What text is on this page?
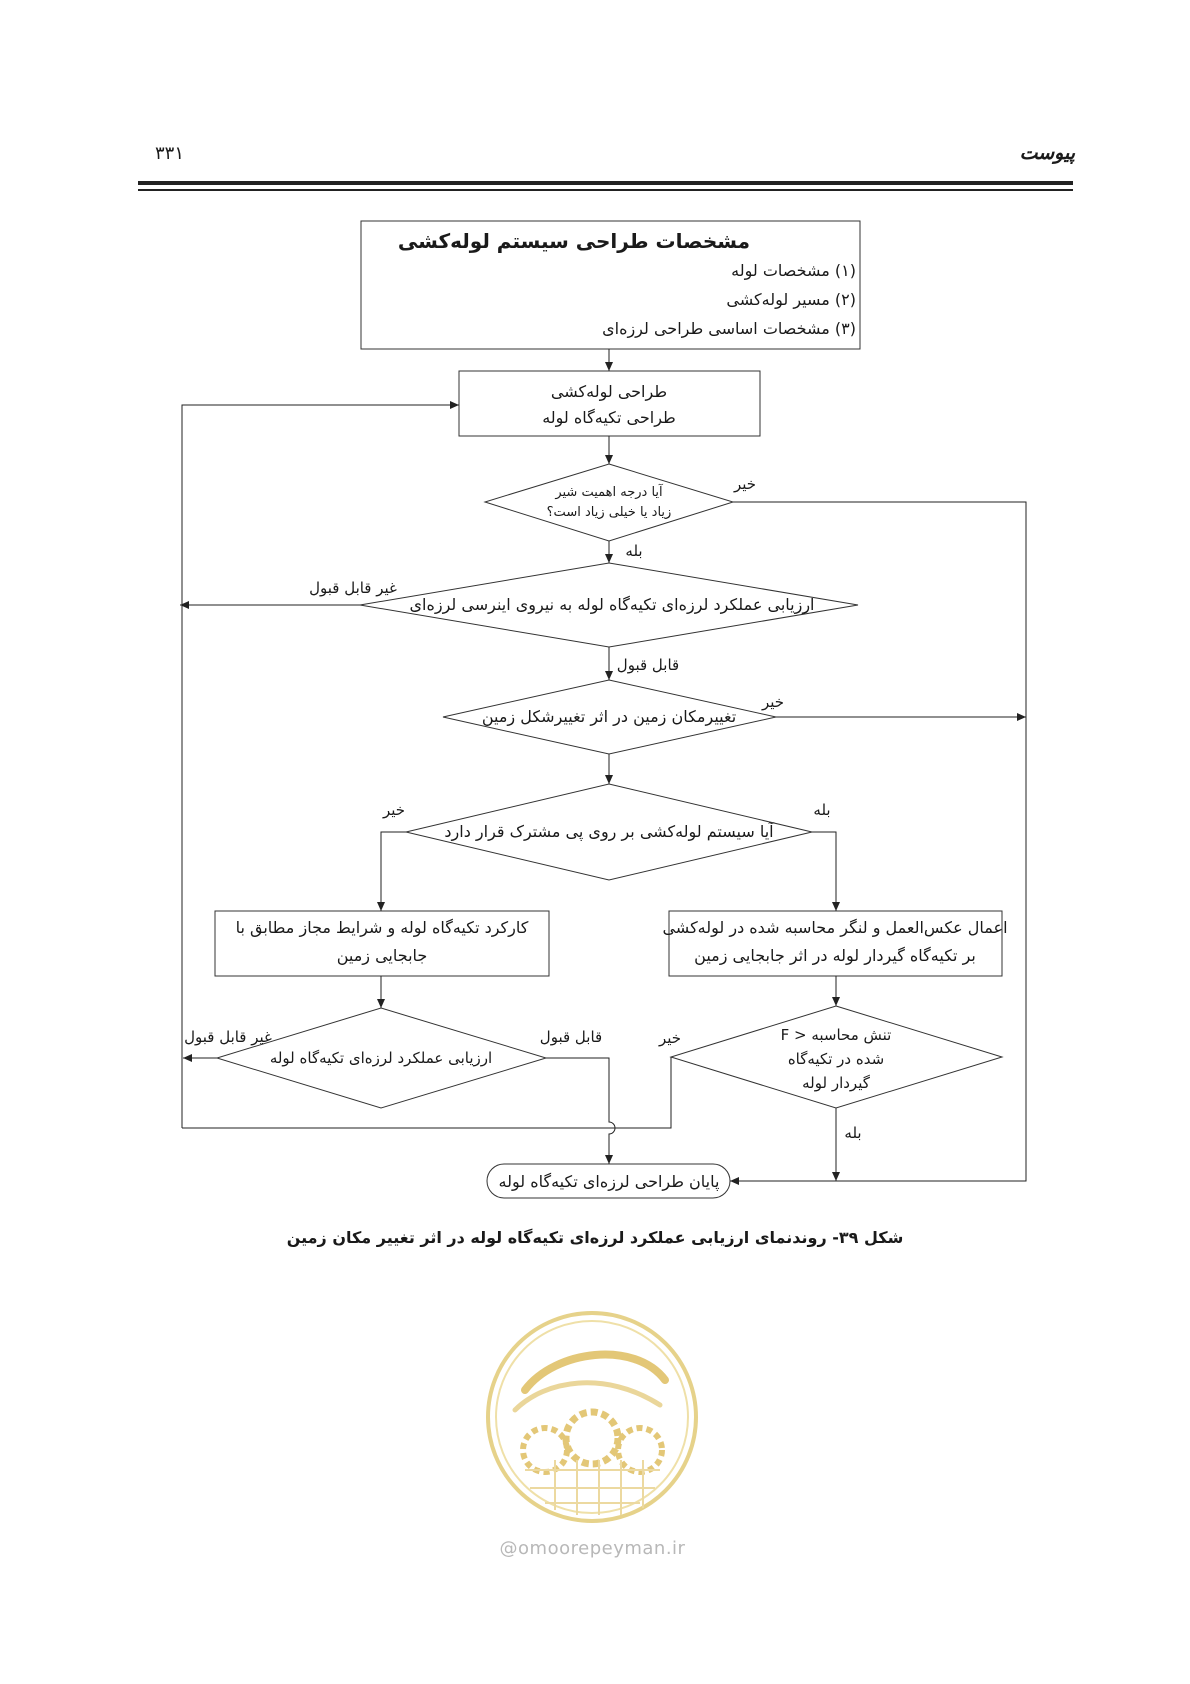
پیوست
۳۳۱
مشخصات طراحی سیستم لوله‌کشی
(۱) مشخصات لوله
(۲) مسیر لوله‌کشی
(۳) مشخصات اساسی طراحی لرزه‌ای
طراحی لوله‌کشی
طراحی تکیه‌گاه لوله
آیا درجه اهمیت شیر
زیاد یا خیلی زیاد است؟
ارزیابی عملکرد لرزه‌ای تکیه‌گاه لوله به نیروی اینرسی لرزه‌ای
تغییرمکان زمین در اثر تغییرشکل زمین
آیا سیستم لوله‌کشی بر روی پی مشترک قرار دارد
کارکرد تکیه‌گاه لوله و شرایط مجاز مطابق با
جابجایی زمین
اعمال عکس‌العمل و لنگر محاسبه شده در لوله‌کشی
بر تکیه‌گاه گیردار لوله در اثر جابجایی زمین
ارزیابی عملکرد لرزه‌ای تکیه‌گاه لوله	شده در تکیه‌گاه
گیردار لوله
پایان طراحی لرزه‌ای تکیه‌گاه لوله
F > تنش محاسبه
خیر
بله
غیر قابل قبول
قابل قبول
خیر
خیر	بله
غیر قابل قبول	قابل قبول	خیر
بله
شکل ۳۹- روندنمای ارزیابی عملکرد لرزه‌ای تکیه‌گاه لوله در اثر تغییر مکان زمین
@omoorepeyman.ir
